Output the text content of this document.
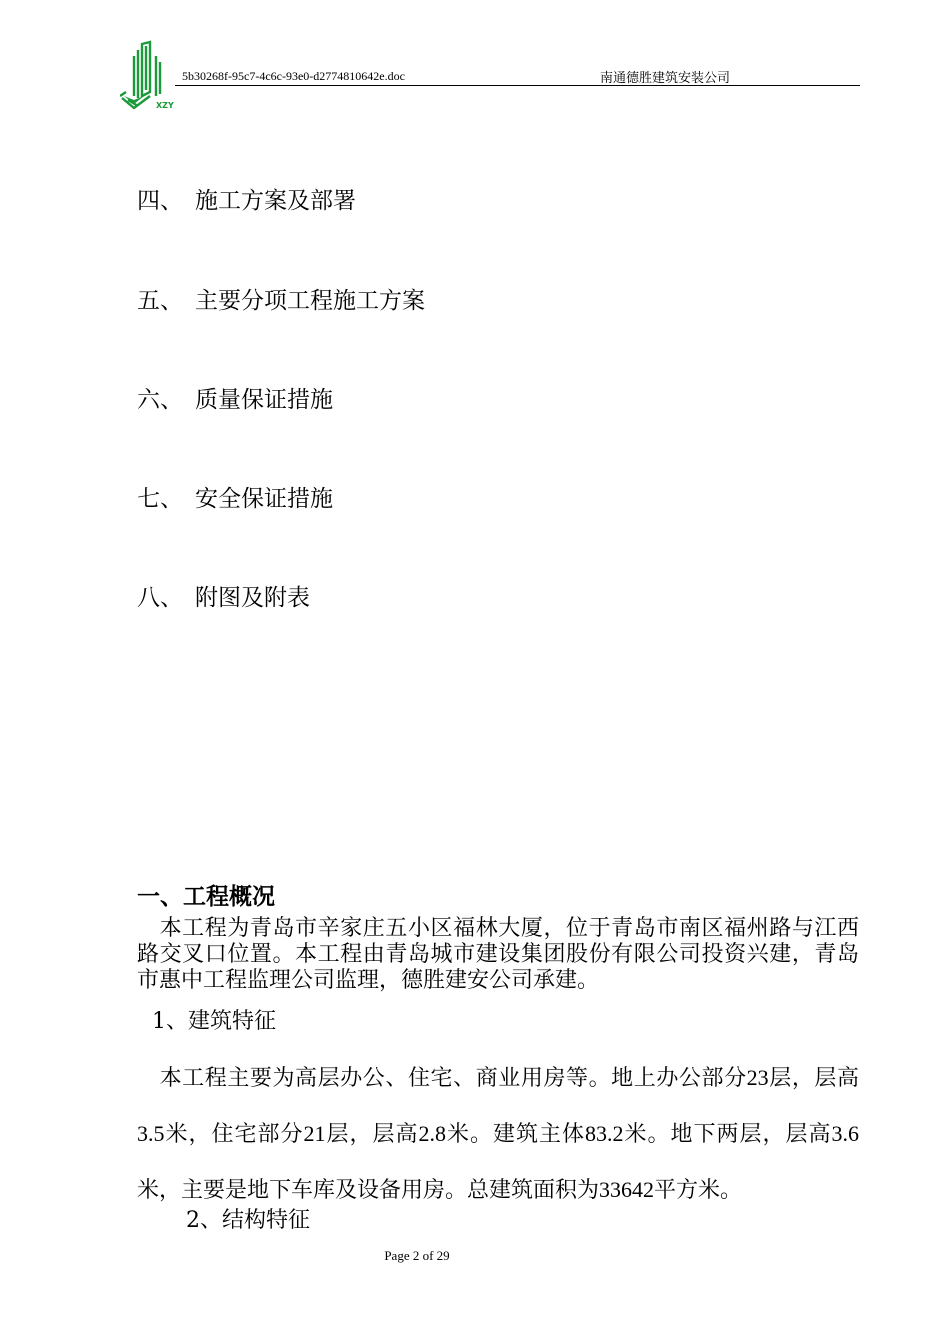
XZY
5b30268f-95c7-4c6c-93e0-d2774810642e.doc	南通德胜建筑安装公司
四、 施工方案及部署
五、 主要分项工程施工方案
六、 质量保证措施
七、 安全保证措施
八、 附图及附表
一、工程概况

　本工程为青岛市辛家庄五小区福林大厦，位于青岛市南区福州路与江西路交叉口位置。本工程由青岛城市建设集团股份有限公司投资兴建，青岛市惠中工程监理公司监理，德胜建安公司承建。

1、建筑特征

　本工程主要为高层办公、住宅、商业用房等。地上办公部分23层，层高3.5米，住宅部分21层，层高2.8米。建筑主体83.2米。地下两层，层高3.6米，主要是地下车库及设备用房。总建筑面积为33642平方米。

2、结构特征
Page 2 of 29
